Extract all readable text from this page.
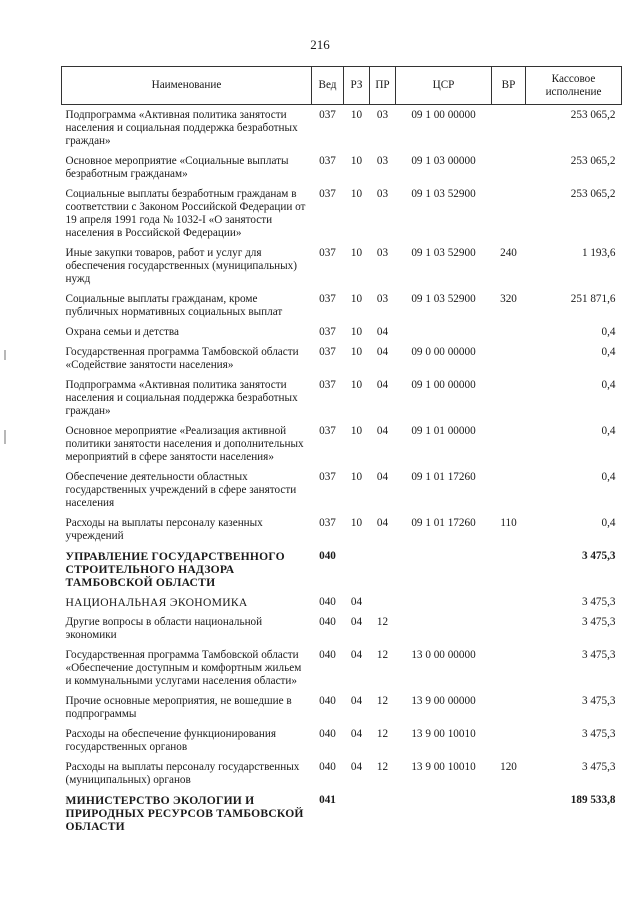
216
Наименование	Вед	РЗ	ПР	ЦСР	ВР	Кассовое исполнение
Подпрограмма «Активная политика занятости населения и социальная поддержка безработных граждан»	037	10	03	09 1 00 00000		253 065,2
Основное мероприятие «Социальные выплаты безработным гражданам»	037	10	03	09 1 03 00000		253 065,2
Социальные выплаты безработным гражданам в соответствии с Законом Российской Федерации от 19 апреля 1991 года № 1032-I «О занятости населения в Российской Федерации»	037	10	03	09 1 03 52900		253 065,2
Иные закупки товаров, работ и услуг для обеспечения государственных (муниципальных) нужд	037	10	03	09 1 03 52900	240	1 193,6
Социальные выплаты гражданам, кроме публичных нормативных социальных выплат	037	10	03	09 1 03 52900	320	251 871,6
Охрана семьи и детства	037	10	04			0,4
Государственная программа Тамбовской области «Содействие занятости населения»	037	10	04	09 0 00 00000		0,4
Подпрограмма «Активная политика занятости населения и социальная поддержка безработных граждан»	037	10	04	09 1 00 00000		0,4
Основное мероприятие «Реализация активной политики занятости населения и дополнительных мероприятий в сфере занятости населения»	037	10	04	09 1 01 00000		0,4
Обеспечение деятельности областных государственных учреждений в сфере занятости населения	037	10	04	09 1 01 17260		0,4
Расходы на выплаты персоналу казенных учреждений	037	10	04	09 1 01 17260	110	0,4
УПРАВЛЕНИЕ ГОСУДАРСТВЕННОГО СТРОИТЕЛЬНОГО НАДЗОРА ТАМБОВСКОЙ ОБЛАСТИ	040					3 475,3
НАЦИОНАЛЬНАЯ ЭКОНОМИКА	040	04				3 475,3
Другие вопросы в области национальной экономики	040	04	12			3 475,3
Государственная программа Тамбовской области «Обеспечение доступным и комфортным жильем и коммунальными услугами населения области»	040	04	12	13 0 00 00000		3 475,3
Прочие основные мероприятия, не вошедшие в подпрограммы	040	04	12	13 9 00 00000		3 475,3
Расходы на обеспечение функционирования государственных органов	040	04	12	13 9 00 10010		3 475,3
Расходы на выплаты персоналу государственных (муниципальных) органов	040	04	12	13 9 00 10010	120	3 475,3
МИНИСТЕРСТВО ЭКОЛОГИИ И ПРИРОДНЫХ РЕСУРСОВ ТАМБОВСКОЙ ОБЛАСТИ	041					189 533,8
